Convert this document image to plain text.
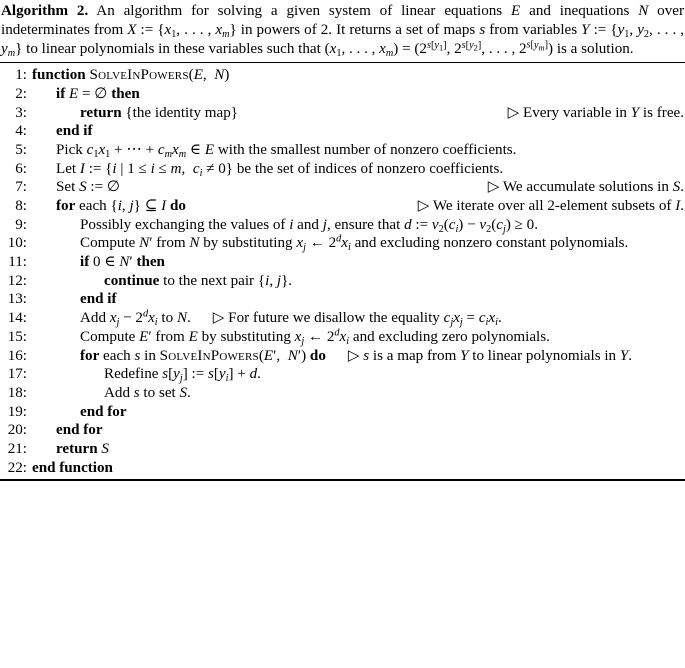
Algorithm 2. An algorithm for solving a given system of linear equations E and inequations N over indeterminates from X := {$x_1$, . . . , $x_m$} in powers of 2. It returns a set of maps s from variables Y := {$y_1$, $y_2$, . . . , $y_m$} to linear polynomials in these variables such that ($x_1$, . . . , $x_m) = (2^{s[y_1]}$, $2^{s[y_2]}$, . . . , $2^{s[y_m]}$) is a solution.
1 : function SolveInPowers(E,  N)
2 : if E = ∅ then
3 :	▷ Every variable in Y is free.
return {the identity map}
4 : end if
5 : Pick $c_1x_1$ + ⋅⋅⋅ + $c_mx_m$ ∈ E with the smallest number of nonzero coefficients.
6 : Let I := {i | 1 ≤ i ≤ m,  $c_i \ne 0$} be the set of indices of nonzero coefficients.
7 :	▷ We accumulate solutions in S.
Set S := ∅
8 :	▷ We iterate over all 2-element subsets of I.
for each {i, j} ⊆ I do
9 :	Possibly exchanging the values of i and j, ensure that d := $\nu_2(c_i) - \nu_2(c_j) \ge 0$.
10 :	Compute N′ from N by substituting $x_j$ ← $2^dx_i$ and excluding nonzero constant polynomials.
11 :	if 0 ∈ N′ then
12 :	continue to the next pair {i, j}.
13 :	end if
14 :	Add $x_j - 2^dx_i$ to N. ▷ For future we disallow the equality $c_jx_j = c_ix_i$.
15 :	Compute E′ from E by substituting $x_j$ ← $2^dx_i$ and excluding zero polynomials.
16 :	for each s in SolveInPowers(E′,  N′) do ▷ s is a map from Y to linear polynomials in Y.
17 :	Redefine $s[y_j]$ := $s[y_i] + d$.
18 :	Add s to set S.
19 :	end for
20 : end for
21 : return S
22 : end function
